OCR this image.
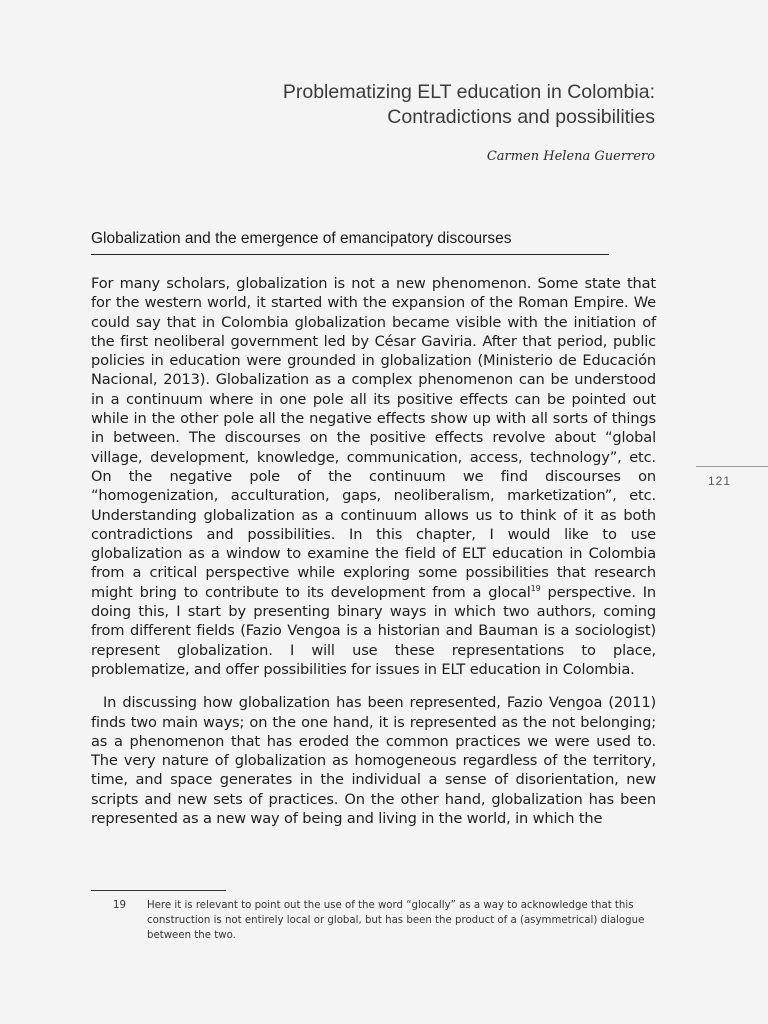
Problematizing ELT education in Colombia:
Contradictions and possibilities
Carmen Helena Guerrero
Globalization and the emergence of emancipatory discourses

For many scholars, globalization is not a new phenomenon. Some state that for the western world, it started with the expansion of the Roman Empire. We could say that in Colombia globalization became visible with the initiation of the first neoliberal government led by César Gaviria. After that period, public policies in education were grounded in globalization (Ministerio de Educación Nacional, 2013). Globalization as a complex phenomenon can be understood in a continuum where in one pole all its positive effects can be pointed out while in the other pole all the negative effects show up with all sorts of things in between. The discourses on the positive effects revolve about “global village, development, knowledge, communication, access, technology”, etc. On the negative pole of the continuum we find discourses on “homogenization, acculturation, gaps, neoliberalism, marketization”, etc. Understanding globalization as a continuum allows us to think of it as both contradictions and possibilities. In this chapter, I would like to use globalization as a window to examine the field of ELT education in Colombia from a critical perspective while exploring some possibilities that research might bring to contribute to its development from a glocal$^{19}$ perspective. In doing this, I start by presenting binary ways in which two authors, coming from different fields (Fazio Vengoa is a historian and Bauman is a sociologist) represent globalization. I will use these representations to place, problematize, and offer possibilities for issues in ELT education in Colombia.

In discussing how globalization has been represented, Fazio Vengoa (2011) finds two main ways; on the one hand, it is represented as the not belonging; as a phenomenon that has eroded the common practices we were used to. The very nature of globalization as homogeneous regardless of the territory, time, and space generates in the individual a sense of disorientation, new scripts and new sets of practices. On the other hand, globalization has been represented as a new way of being and living in the world, in which the

121
19 Here it is relevant to point out the use of the word “glocally” as a way to acknowledge that this construction is not entirely local or global, but has been the product of a (asymmetrical) dialogue between the two.
